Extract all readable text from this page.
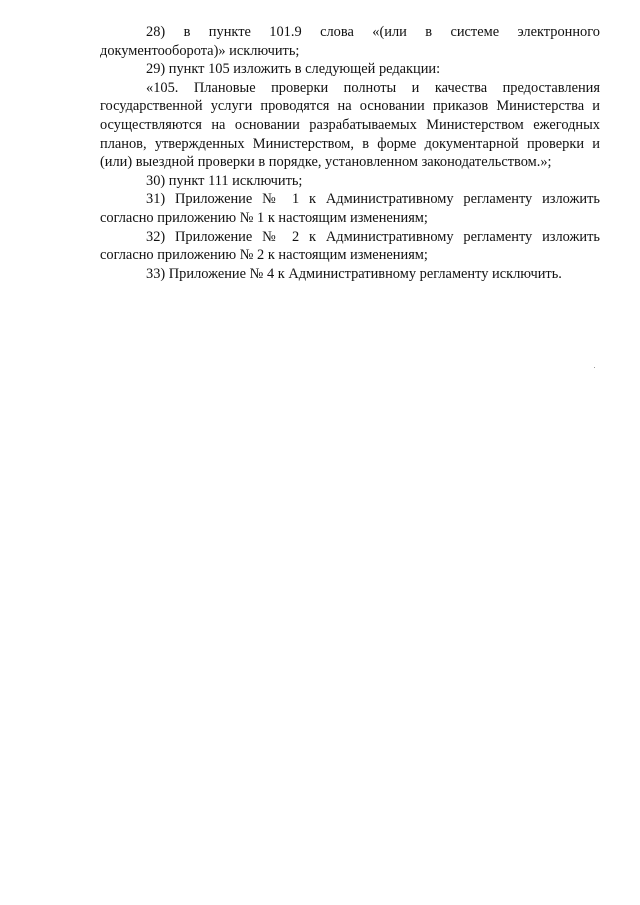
28) в пункте 101.9 слова «(или в системе электронного документооборота)» исключить;

29) пункт 105 изложить в следующей редакции:

«105. Плановые проверки полноты и качества предоставления государственной услуги проводятся на основании приказов Министерства и осуществляются на основании разрабатываемых Министерством ежегодных планов, утвержденных Министерством, в форме документарной проверки и (или) выездной проверки в порядке, установленном законодательством.»;

30) пункт 111 исключить;

31) Приложение № 1 к Административному регламенту изложить согласно приложению № 1 к настоящим изменениям;

32) Приложение № 2 к Административному регламенту изложить согласно приложению № 2 к настоящим изменениям;

33) Приложение № 4 к Административному регламенту исключить.
